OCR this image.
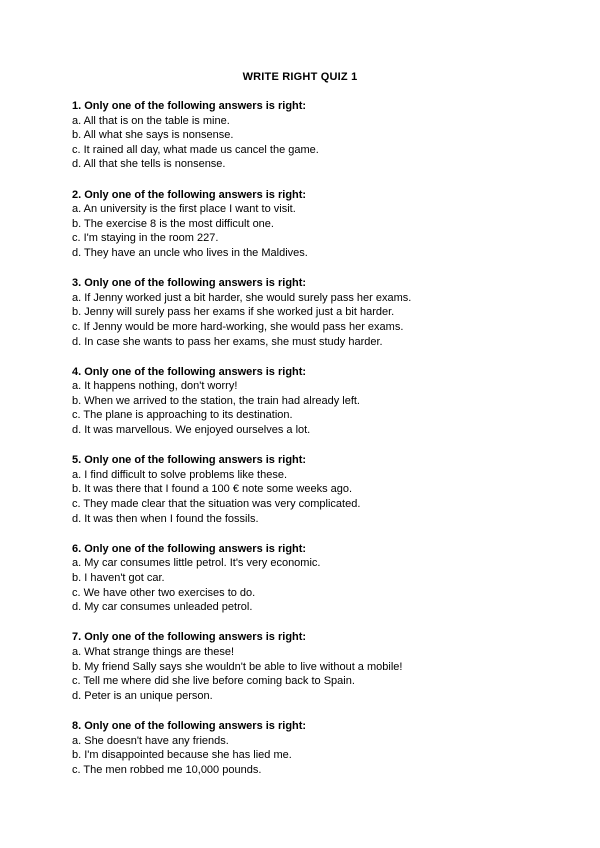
WRITE RIGHT QUIZ 1
1. Only one of the following answers is right:
a. All that is on the table is mine.
b. All what she says is nonsense.
c. It rained all day, what made us cancel the game.
d. All that she tells is nonsense.
2. Only one of the following answers is right:
a. An university is the first place I want to visit.
b. The exercise 8 is the most difficult one.
c. I'm staying in the room 227.
d. They have an uncle who lives in the Maldives.
3. Only one of the following answers is right:
a. If Jenny worked just a bit harder, she would surely pass her exams.
b. Jenny will surely pass her exams if she worked just a bit harder.
c. If Jenny would be more hard-working, she would pass her exams.
d. In case she wants to pass her exams, she must study harder.
4. Only one of the following answers is right:
a. It happens nothing, don't worry!
b. When we arrived to the station, the train had already left.
c. The plane is approaching to its destination.
d. It was marvellous. We enjoyed ourselves a lot.
5. Only one of the following answers is right:
a. I find difficult to solve problems like these.
b. It was there that I found a 100 € note some weeks ago.
c. They made clear that the situation was very complicated.
d. It was then when I found the fossils.
6. Only one of the following answers is right:
a. My car consumes little petrol. It's very economic.
b. I haven't got car.
c. We have other two exercises to do.
d. My car consumes unleaded petrol.
7. Only one of the following answers is right:
a. What strange things are these!
b. My friend Sally says she wouldn't be able to live without a mobile!
c. Tell me where did she live before coming back to Spain.
d. Peter is an unique person.
8. Only one of the following answers is right:
a. She doesn't have any friends.
b. I'm disappointed because she has lied me.
c. The men robbed me 10,000 pounds.
